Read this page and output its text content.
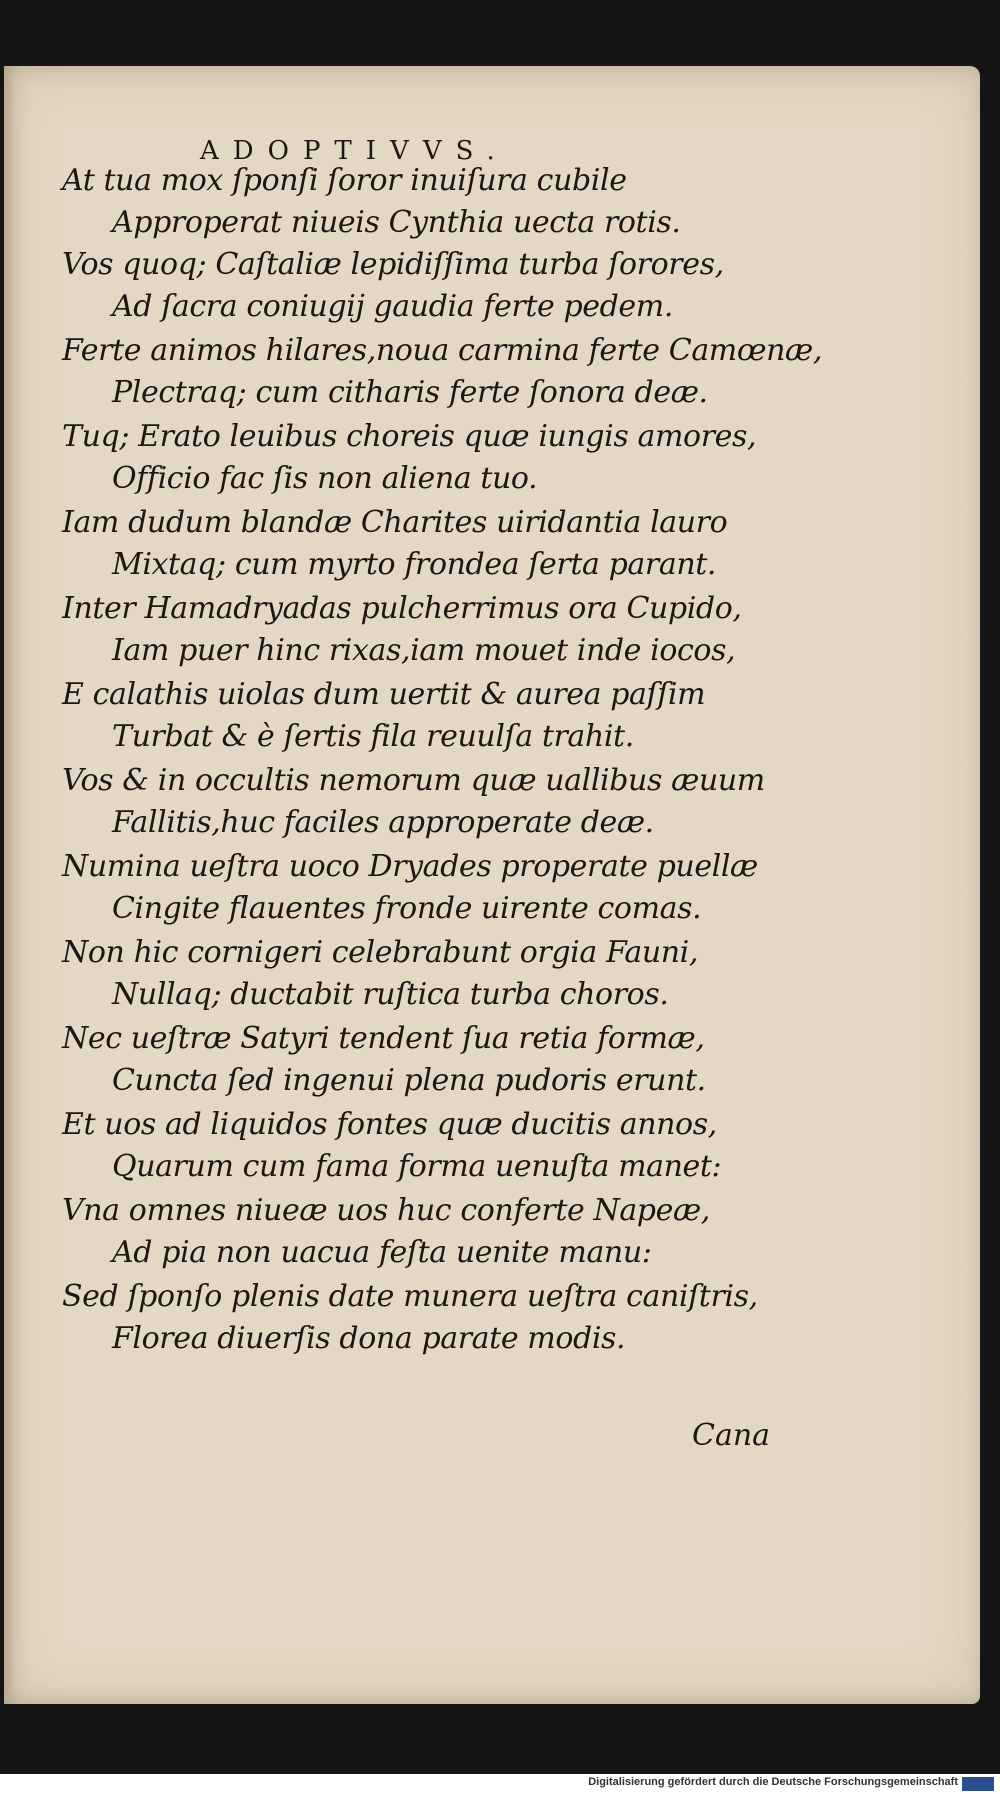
ADOPTIVVS.
At tua mox ſponſi ſoror inuiſura cubile
Approperat niueis Cynthia uecta rotis.
Vos quoq; Caſtaliæ lepidiſſima turba ſorores,
Ad ſacra coniugij gaudia ferte pedem.
Ferte animos hilares,noua carmina ferte Camœnæ,
Plectraq; cum citharis ferte ſonora deæ.
Tuq; Erato leuibus choreis quæ iungis amores,
Officio fac ſis non aliena tuo.
Iam dudum blandæ Charites uiridantia lauro
Mixtaq; cum myrto frondea ſerta parant.
Inter Hamadryadas pulcherrimus ora Cupido,
Iam puer hinc rixas,iam mouet inde iocos,
E calathis uiolas dum uertit & aurea paſſim
Turbat & è ſertis fila reuulſa trahit.
Vos & in occultis nemorum quæ uallibus æuum
Fallitis,huc faciles approperate deæ.
Numina ueſtra uoco Dryades properate puellæ
Cingite flauentes fronde uirente comas.
Non hic cornigeri celebrabunt orgia Fauni,
Nullaq; ductabit ruſtica turba choros.
Nec ueſtræ Satyri tendent ſua retia formæ,
Cuncta ſed ingenui plena pudoris erunt.
Et uos ad liquidos fontes quæ ducitis annos,
Quarum cum fama forma uenuſta manet:
Vna omnes niueæ uos huc conferte Napeæ,
Ad pia non uacua feſta uenite manu:
Sed ſponſo plenis date munera ueſtra caniſtris,
Florea diuerſis dona parate modis.
Cana
Digitalisierung gefördert durch die Deutsche Forschungsgemeinschaft
